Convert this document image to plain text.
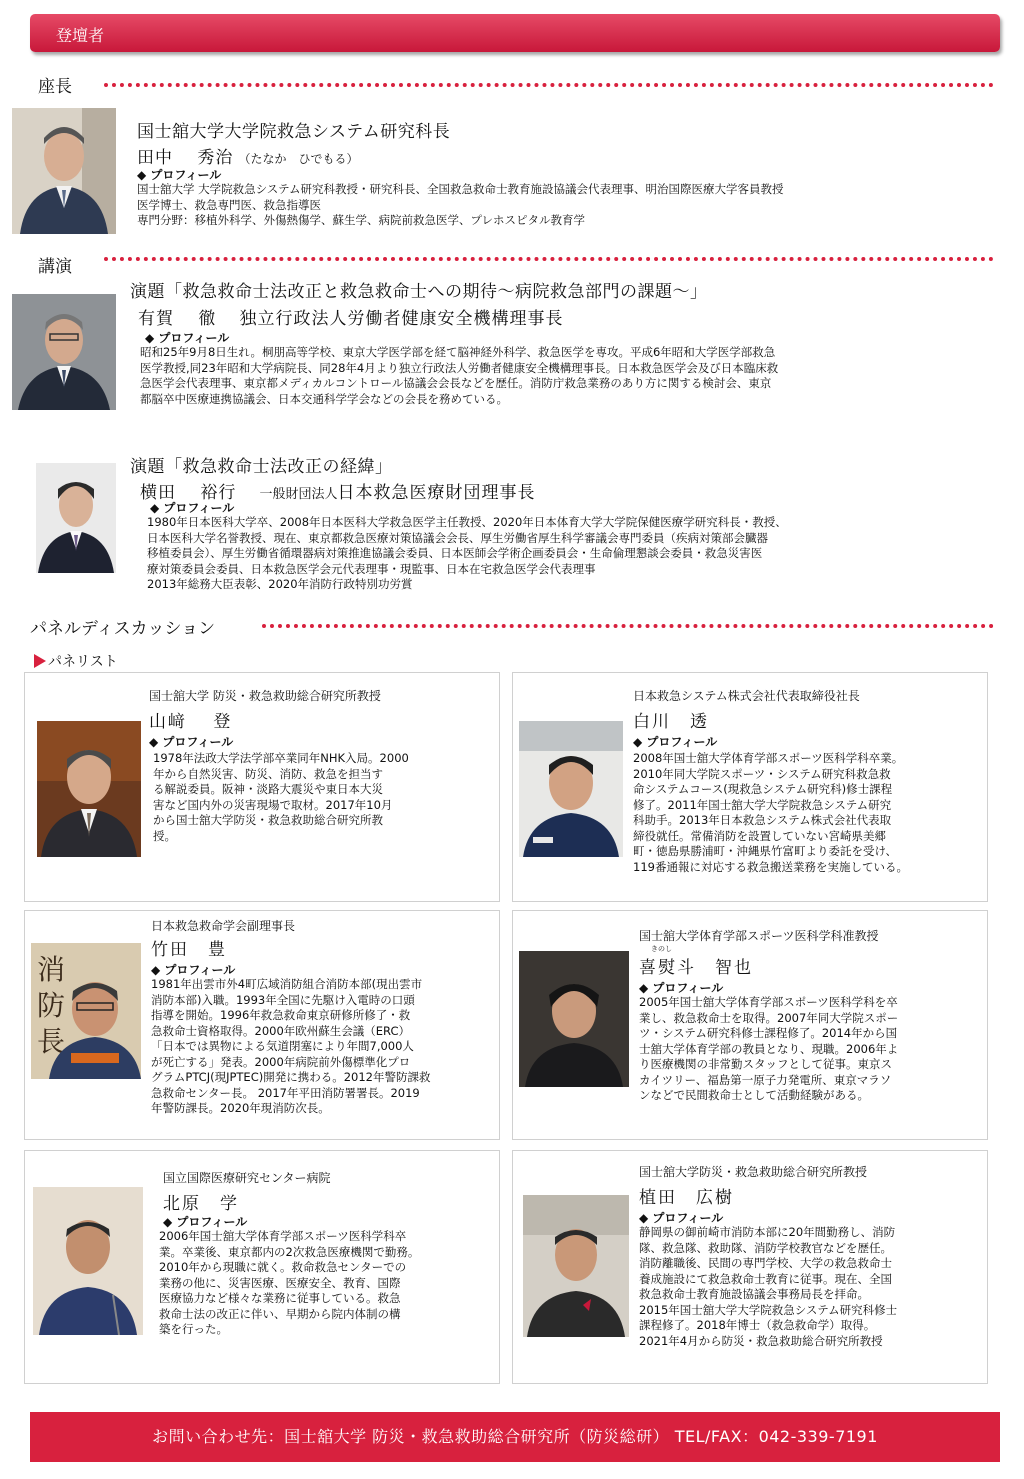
登壇者
座長
国士舘大学大学院救急システム研究科長
田中　 秀治 （たなか　ひでもる）
◆ プロフィール

国士舘大学 大学院救急システム研究科教授・研究科長、全国救急救命士教育施設協議会代表理事、明治国際医療大学客員教授

医学博士、救急専門医、救急指導医

専門分野：移植外科学、外傷熱傷学、蘇生学、病院前救急医学、プレホスピタル教育学

講演
演題「救急救命士法改正と救急救命士への期待～病院救急部門の課題～」
有賀　 徹 独立行政法人労働者健康安全機構理事長
◆ プロフィール

昭和25年9月8日生れ。桐朋高等学校、東京大学医学部を経て脳神経外科学、救急医学を専攻。平成6年昭和大学医学部救急

医学教授,同23年昭和大学病院長、同28年4月より独立行政法人労働者健康安全機構理事長。日本救急医学会及び日本臨床救

急医学会代表理事、東京都メディカルコントロール協議会会長などを歴任。消防庁救急業務のあり方に関する検討会、東京

都脳卒中医療連携協議会、日本交通科学学会などの会長を務めている。

演題「救急救命士法改正の経緯」
横田　 裕行 一般財団法人日本救急医療財団理事長
◆ プロフィール

1980年日本医科大学卒、2008年日本医科大学救急医学主任教授、2020年日本体育大学大学院保健医療学研究科長・教授、

日本医科大学名誉教授、現在、東京都救急医療対策協議会会長、厚生労働省厚生科学審議会専門委員（疾病対策部会臓器

移植委員会）、厚生労働省循環器病対策推進協議会委員、日本医師会学術企画委員会・生命倫理懇談会委員・救急災害医

療対策委員会委員、日本救急医学会元代表理事・現監事、日本在宅救急医学会代表理事

2013年総務大臣表彰、2020年消防行政特別功労賞

パネルディスカッション
パネリスト
国士舘大学 防災・救急救助総合研究所教授
山﨑　 登
◆ プロフィール

1978年法政大学法学部卒業同年NHK入局。2000

年から自然災害、防災、消防、救急を担当す

る解説委員。阪神・淡路大震災や東日本大災

害など国内外の災害現場で取材。2017年10月

から国士舘大学防災・救急救助総合研究所教

授。

日本救急システム株式会社代表取締役社長
白川　透
◆ プロフィール

2008年国士舘大学体育学部スポーツ医科学科卒業。

2010年同大学院スポーツ・システム研究科救急救

命システムコース(現救急システム研究科)修士課程

修了。2011年国士舘大学大学院救急システム研究

科助手。2013年日本救急システム株式会社代表取

締役就任。常備消防を設置していない宮崎県美郷

町・徳島県勝浦町・沖縄県竹富町より委託を受け、

119番通報に対応する救急搬送業務を実施している。

消
防
長
日本救急救命学会副理事長
竹田　豊
◆ プロフィール

1981年出雲市外4町広域消防組合消防本部(現出雲市

消防本部)入職。1993年全国に先駆け入電時の口頭

指導を開始。1996年救急救命東京研修所修了・救

急救命士資格取得。2000年欧州蘇生会議（ERC）

「日本では異物による気道閉塞により年間7,000人

が死亡する」発表。2000年病院前外傷標準化プロ

グラムPTCJ(現JPTEC)開発に携わる。2012年警防課救

急救命センター長。 2017年平田消防署署長。2019

年警防課長。2020年現消防次長。

国士舘大学体育学部スポーツ医科学科准教授
きのし
喜熨斗　智也
◆ プロフィール

2005年国士舘大学体育学部スポーツ医科学科を卒

業し、救急救命士を取得。2007年同大学院スポー

ツ・システム研究科修士課程修了。2014年から国

士舘大学体育学部の教員となり、現職。2006年よ

り医療機関の非常勤スタッフとして従事。東京ス

カイツリー、福島第一原子力発電所、東京マラソ

ンなどで民間救命士として活動経験がある。

国立国際医療研究センター病院
北原　学
◆ プロフィール

2006年国士舘大学体育学部スポーツ医科学科卒

業。卒業後、東京都内の2次救急医療機関で勤務。

2010年から現職に就く。救命救急センターでの

業務の他に、災害医療、医療安全、教育、国際

医療協力など様々な業務に従事している。救急

救命士法の改正に伴い、早期から院内体制の構

築を行った。

国士舘大学防災・救急救助総合研究所教授
植田　広樹
◆ プロフィール

静岡県の御前崎市消防本部に20年間勤務し、消防

隊、救急隊、救助隊、消防学校教官などを歴任。

消防離職後、民間の専門学校、大学の救急救命士

養成施設にて救急救命士教育に従事。現在、全国

救急救命士教育施設協議会事務局長を拝命。

2015年国士舘大学大学院救急システム研究科修士

課程修了。2018年博士（救急救命学）取得。

2021年4月から防災・救急救助総合研究所教授

お問い合わせ先：国士舘大学 防災・救急救助総合研究所（防災総研） TEL/FAX：042-339-7191
